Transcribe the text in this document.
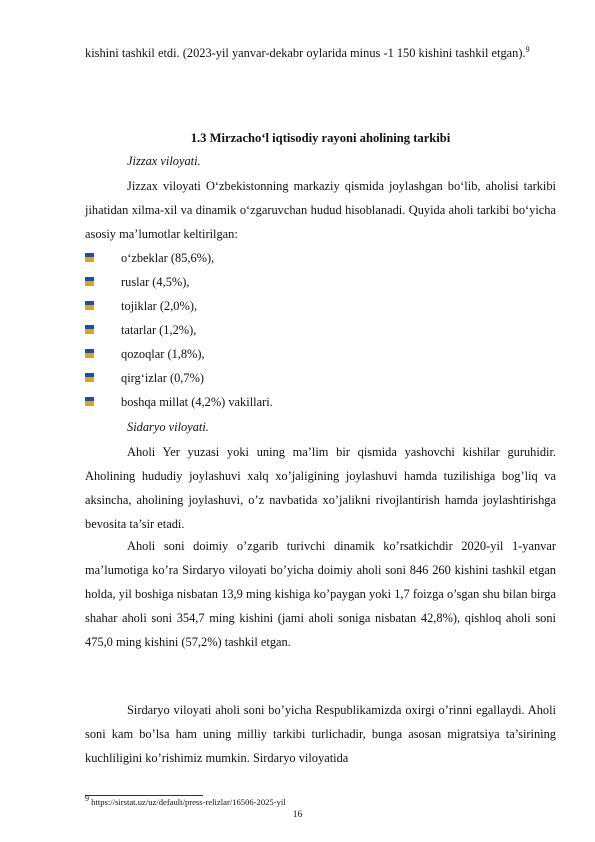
kishini tashkil etdi. (2023-yil yanvar-dekabr oylarida minus -1 150 kishini tashkil etgan).$^9$

1.3 Mirzacho‘l iqtisodiy rayoni aholining tarkibi

Jizzax viloyati.

Jizzax viloyati O‘zbekistonning markaziy qismida joylashgan bo‘lib, aholisi tarkibi jihatidan xilma-xil va dinamik o‘zgaruvchan hudud hisoblanadi. Quyida aholi tarkibi bo‘yicha asosiy ma’lumotlar keltirilgan:

o‘zbeklar (85,6%),
ruslar (4,5%),
tojiklar (2,0%),
tatarlar (1,2%),
qozoqlar (1,8%),
qirg‘izlar (0,7%)
boshqa millat (4,2%) vakillari.

Sidaryo viloyati.

Aholi Yer yuzasi yoki uning ma’lim bir qismida yashovchi kishilar guruhidir. Aholining hududiy joylashuvi xalq xo’jaligining joylashuvi hamda tuzilishiga bog’liq va aksincha, aholining joylashuvi, o’z navbatida xo’jalikni rivojlantirish hamda joylashtirishga bevosita ta’sir etadi.

Aholi soni doimiy o’zgarib turivchi dinamik ko’rsatkichdir 2020-yil 1-yanvar ma’lumotiga ko’ra Sirdaryo viloyati bo’yicha doimiy aholi soni 846 260 kishini tashkil etgan holda, yil boshiga nisbatan 13,9 ming kishiga ko’paygan yoki 1,7 foizga o’sgan shu bilan birga shahar aholi soni 354,7 ming kishini (jami aholi soniga nisbatan 42,8%), qishloq aholi soni 475,0 ming kishini (57,2%) tashkil etgan.

Sirdaryo viloyati aholi soni bo’yicha Respublikamizda oxirgi o’rinni egallaydi. Aholi soni kam bo’lsa ham uning milliy tarkibi turlichadir, bunga asosan migratsiya ta’sirining kuchliligini ko’rishimiz mumkin. Sirdaryo viloyatida

$^9$ https://sirstat.uz/uz/default/press-relizlar/16506-2025-yil

16
